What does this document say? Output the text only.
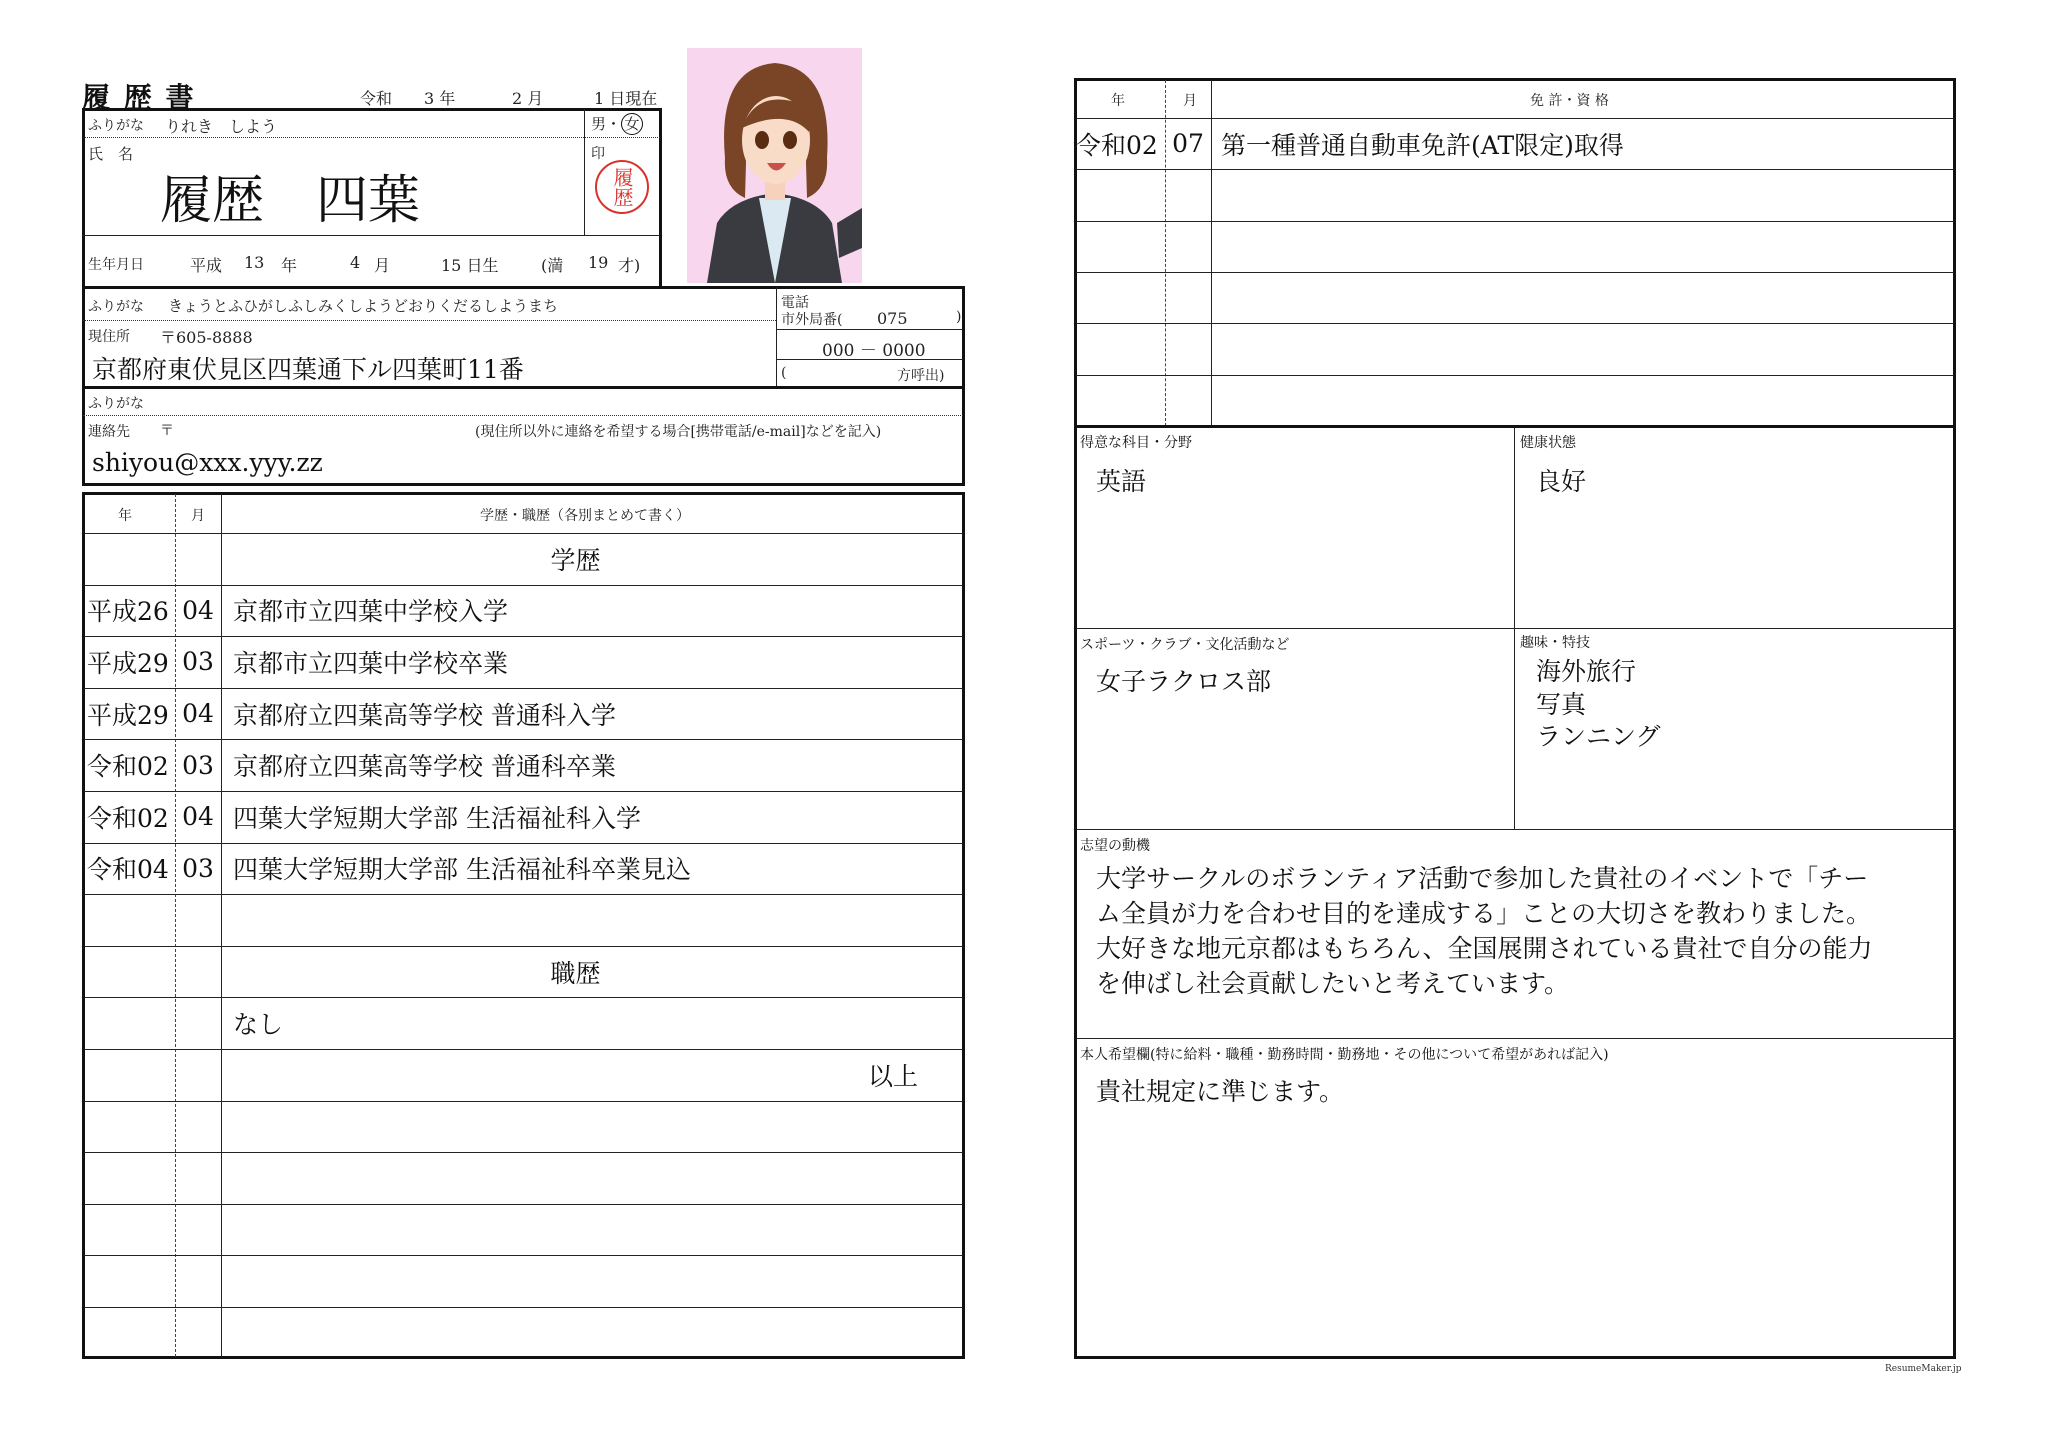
履 歴 書	令和 3 年	2 月	1 日現在
ふりがな りれき　しよう	男・ 女
氏　名
履歴　四葉
印
履歴
生年月日	平成 13 年	4 月	15 日生	(満 19 才)
ふりがな きょうとふひがしふしみくしようどおりくだるしようまち
現住所 〒605-8888
京都府東伏見区四葉通下ル四葉町11番
電話
市外局番( 075	)
000 － 0000
(	方呼出)
ふりがな
連絡先 〒	(現住所以外に連絡を希望する場合[携帯電話/e-mail]などを記入)
shiyou@xxx.yyy.zz
年	月	学歴・職歴（各別まとめて書く）
学歴
平成26 04 京都市立四葉中学校入学
平成29 03 京都市立四葉中学校卒業
平成29 04 京都府立四葉高等学校 普通科入学
令和02 03 京都府立四葉高等学校 普通科卒業
令和02 04 四葉大学短期大学部 生活福祉科入学
令和04 03 四葉大学短期大学部 生活福祉科卒業見込
職歴
なし
以上
年	月	免 許・資 格
令和02 07 第一種普通自動車免許(AT限定)取得
得意な科目・分野
英語
健康状態
良好
スポーツ・クラブ・文化活動など
女子ラクロス部
趣味・特技
海外旅行
写真
ランニング
志望の動機
大学サークルのボランティア活動で参加した貴社のイベントで「チー
ム全員が力を合わせ目的を達成する」ことの大切さを教わりました。
大好きな地元京都はもちろん、全国展開されている貴社で自分の能力
を伸ばし社会貢献したいと考えています。
本人希望欄(特に給料・職種・勤務時間・勤務地・その他について希望があれば記入)
貴社規定に準じます。
ResumeMaker.jp
